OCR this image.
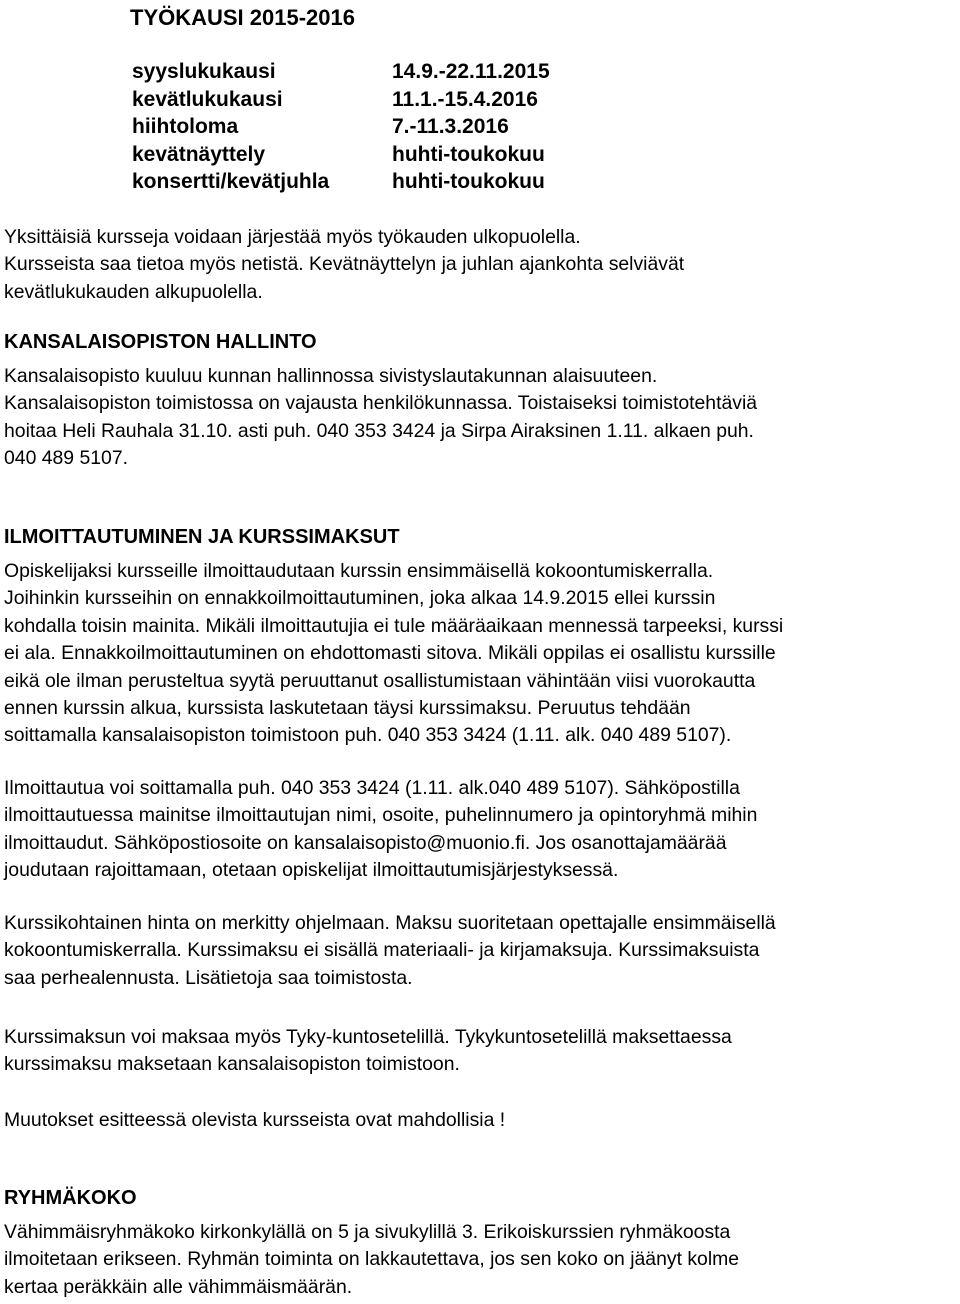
TYÖKAUSI 2015-2016
syyslukukausi	14.9.-22.11.2015
kevätlukukausi	11.1.-15.4.2016
hiihtoloma	7.-11.3.2016
kevätnäyttely	huhti-toukokuu
konsertti/kevätjuhla	huhti-toukokuu

Yksittäisiä kursseja voidaan järjestää myös työkauden ulkopuolella.
Kursseista saa tietoa myös netistä. Kevätnäyttelyn ja juhlan ajankohta selviävät
kevätlukukauden alkupuolella.

KANSALAISOPISTON HALLINTO

Kansalaisopisto kuuluu kunnan hallinnossa sivistyslautakunnan alaisuuteen.
Kansalaisopiston toimistossa on vajausta henkilökunnassa. Toistaiseksi toimistotehtäviä
hoitaa Heli Rauhala 31.10. asti puh. 040 353 3424 ja Sirpa Airaksinen 1.11. alkaen puh.
040 489 5107.

ILMOITTAUTUMINEN JA KURSSIMAKSUT

Opiskelijaksi kursseille ilmoittaudutaan kurssin ensimmäisellä kokoontumiskerralla.
Joihinkin kursseihin on ennakkoilmoittautuminen, joka alkaa 14.9.2015 ellei kurssin
kohdalla toisin mainita. Mikäli ilmoittautujia ei tule määräaikaan mennessä tarpeeksi, kurssi
ei ala. Ennakkoilmoittautuminen on ehdottomasti sitova. Mikäli oppilas ei osallistu kurssille
eikä ole ilman perusteltua syytä peruuttanut osallistumistaan vähintään viisi vuorokautta
ennen kurssin alkua, kurssista laskutetaan täysi kurssimaksu. Peruutus tehdään
soittamalla kansalaisopiston toimistoon puh. 040 353 3424 (1.11. alk. 040 489 5107).

Ilmoittautua voi soittamalla puh. 040 353 3424 (1.11. alk.040 489 5107). Sähköpostilla
ilmoittautuessa mainitse ilmoittautujan nimi, osoite, puhelinnumero ja opintoryhmä mihin
ilmoittaudut. Sähköpostiosoite on kansalaisopisto@muonio.fi. Jos osanottajamäärää
joudutaan rajoittamaan, otetaan opiskelijat ilmoittautumisjärjestyksessä.

Kurssikohtainen hinta on merkitty ohjelmaan. Maksu suoritetaan opettajalle ensimmäisellä
kokoontumiskerralla. Kurssimaksu ei sisällä materiaali- ja kirjamaksuja. Kurssimaksuista
saa perhealennusta. Lisätietoja saa toimistosta.

Kurssimaksun voi maksaa myös Tyky-kuntosetelillä. Tykykuntosetelillä maksettaessa
kurssimaksu maksetaan kansalaisopiston toimistoon.

Muutokset esitteessä olevista kursseista ovat mahdollisia !

RYHMÄKOKO

Vähimmäisryhmäkoko kirkonkylällä on 5 ja sivukylillä 3. Erikoiskurssien ryhmäkoosta
ilmoitetaan erikseen. Ryhmän toiminta on lakkautettava, jos sen koko on jäänyt kolme
kertaa peräkkäin alle vähimmäismäärän.
